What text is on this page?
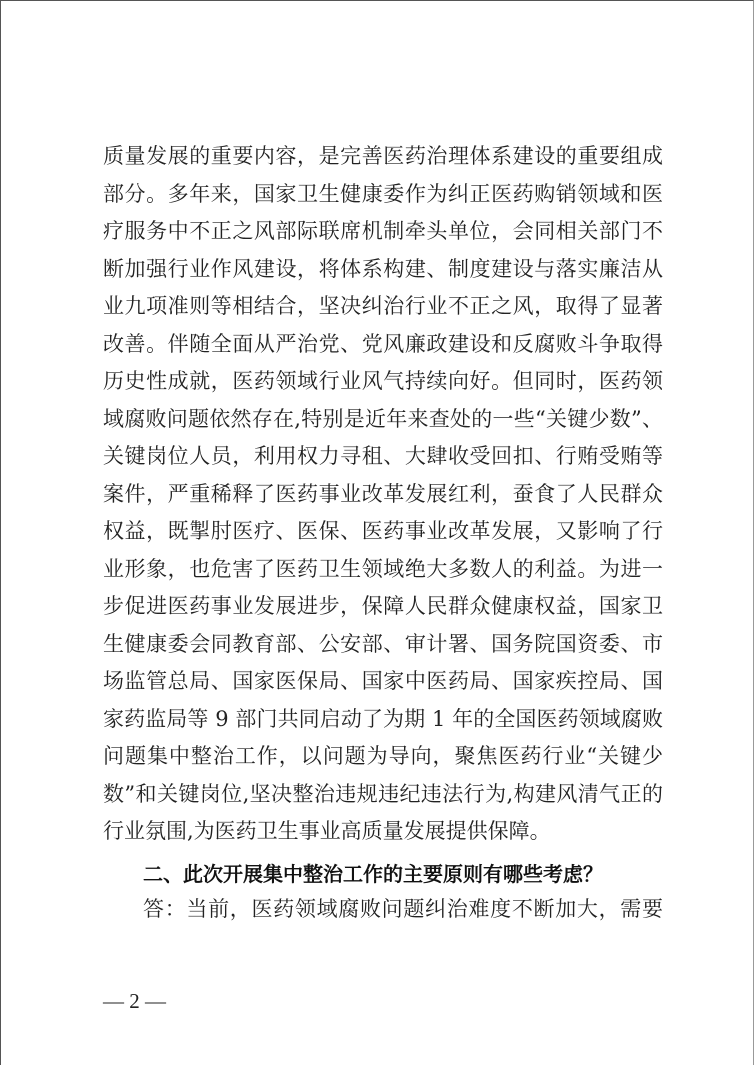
质量发展的重要内容，是完善医药治理体系建设的重要组成
部分。多年来，国家卫生健康委作为纠正医药购销领域和医
疗服务中不正之风部际联席机制牵头单位，会同相关部门不
断加强行业作风建设，将体系构建、制度建设与落实廉洁从
业九项准则等相结合，坚决纠治行业不正之风，取得了显著
改善。伴随全面从严治党、党风廉政建设和反腐败斗争取得
历史性成就，医药领域行业风气持续向好。但同时，医药领
域腐败问题依然存在,特别是近年来查处的一些“关键少数”、
关键岗位人员，利用权力寻租、大肆收受回扣、行贿受贿等
案件，严重稀释了医药事业改革发展红利，蚕食了人民群众
权益，既掣肘医疗、医保、医药事业改革发展，又影响了行
业形象，也危害了医药卫生领域绝大多数人的利益。为进一
步促进医药事业发展进步，保障人民群众健康权益，国家卫
生健康委会同教育部、公安部、审计署、国务院国资委、市
场监管总局、国家医保局、国家中医药局、国家疾控局、国
家药监局等 9 部门共同启动了为期 1 年的全国医药领域腐败
问题集中整治工作，以问题为导向，聚焦医药行业“关键少
数”和关键岗位,坚决整治违规违纪违法行为,构建风清气正的
行业氛围,为医药卫生事业高质量发展提供保障。
二、此次开展集中整治工作的主要原则有哪些考虑？
答：当前，医药领域腐败问题纠治难度不断加大，需要
— 2 —
